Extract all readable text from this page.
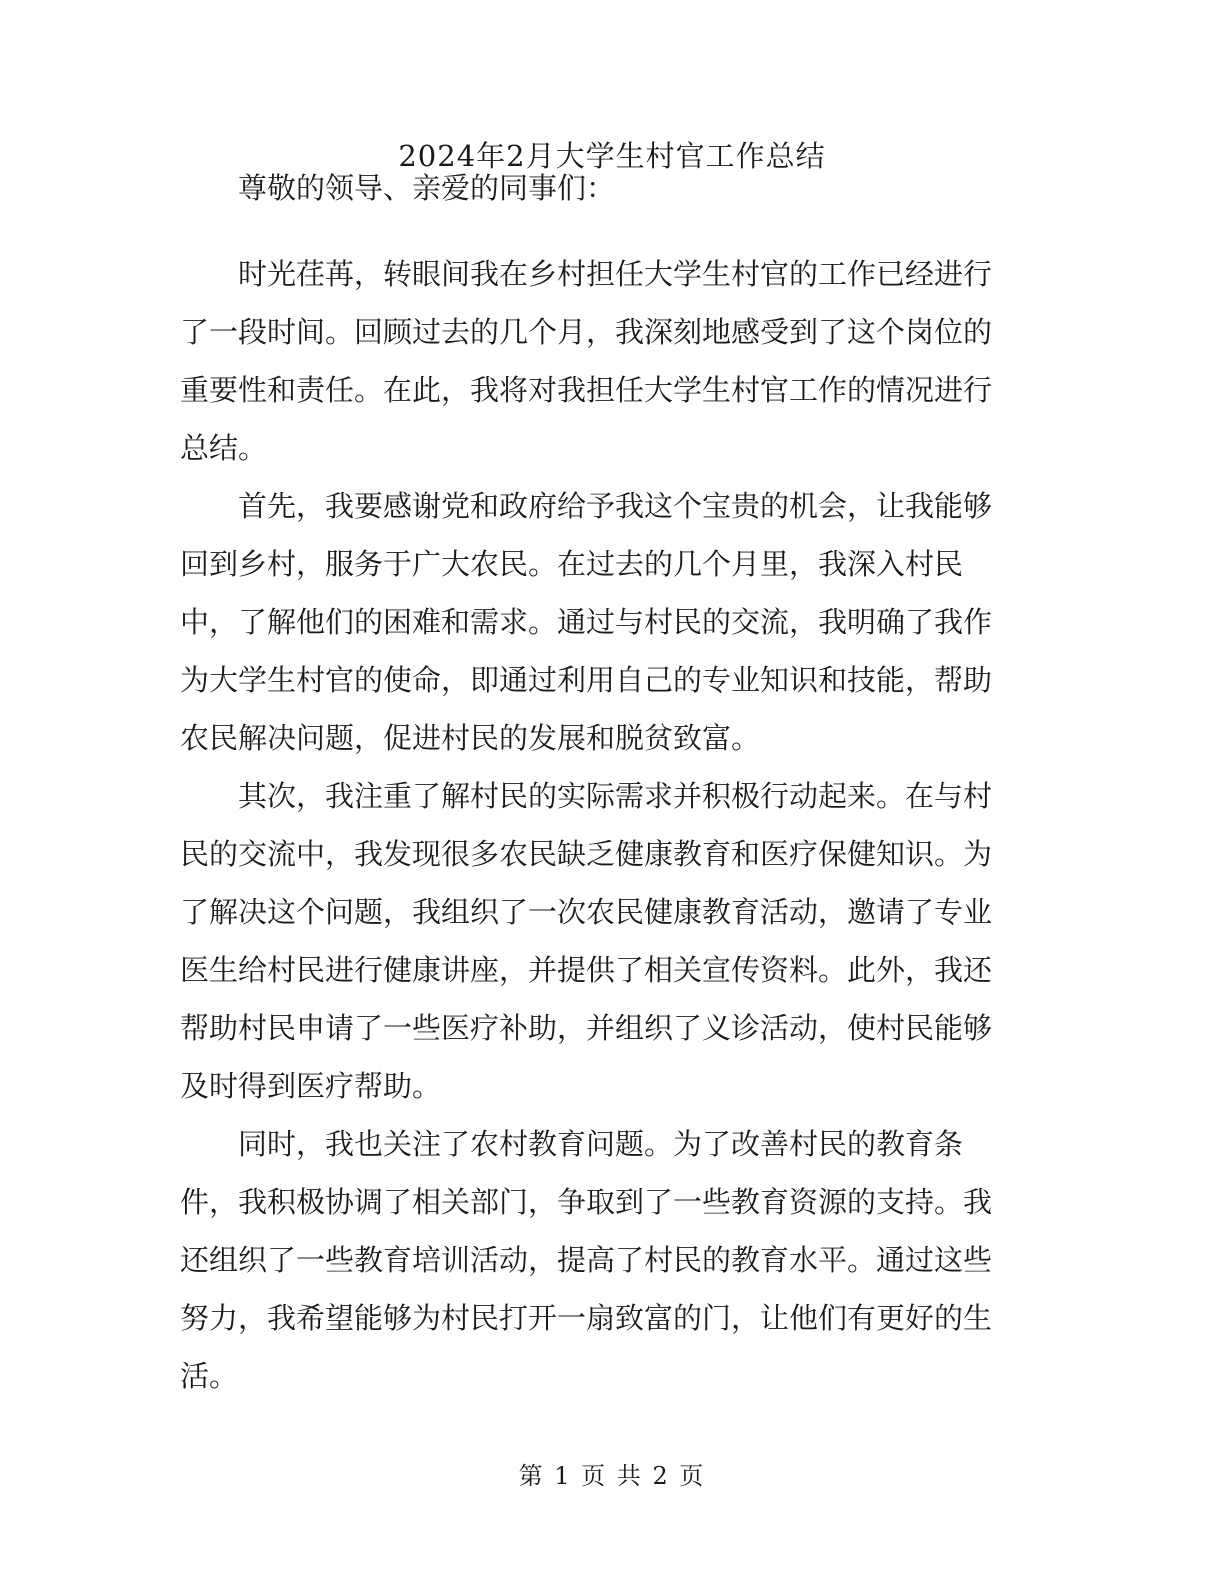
2024年2月大学生村官工作总结
　　尊敬的领导、亲爱的同事们：
　　时光荏苒，转眼间我在乡村担任大学生村官的工作已经进行
了一段时间。回顾过去的几个月，我深刻地感受到了这个岗位的
重要性和责任。在此，我将对我担任大学生村官工作的情况进行
总结。
　　首先，我要感谢党和政府给予我这个宝贵的机会，让我能够
回到乡村，服务于广大农民。在过去的几个月里，我深入村民
中，了解他们的困难和需求。通过与村民的交流，我明确了我作
为大学生村官的使命，即通过利用自己的专业知识和技能，帮助
农民解决问题，促进村民的发展和脱贫致富。
　　其次，我注重了解村民的实际需求并积极行动起来。在与村
民的交流中，我发现很多农民缺乏健康教育和医疗保健知识。为
了解决这个问题，我组织了一次农民健康教育活动，邀请了专业
医生给村民进行健康讲座，并提供了相关宣传资料。此外，我还
帮助村民申请了一些医疗补助，并组织了义诊活动，使村民能够
及时得到医疗帮助。
　　同时，我也关注了农村教育问题。为了改善村民的教育条
件，我积极协调了相关部门，争取到了一些教育资源的支持。我
还组织了一些教育培训活动，提高了村民的教育水平。通过这些
努力，我希望能够为村民打开一扇致富的门，让他们有更好的生
活。
第 1 页 共 2 页
